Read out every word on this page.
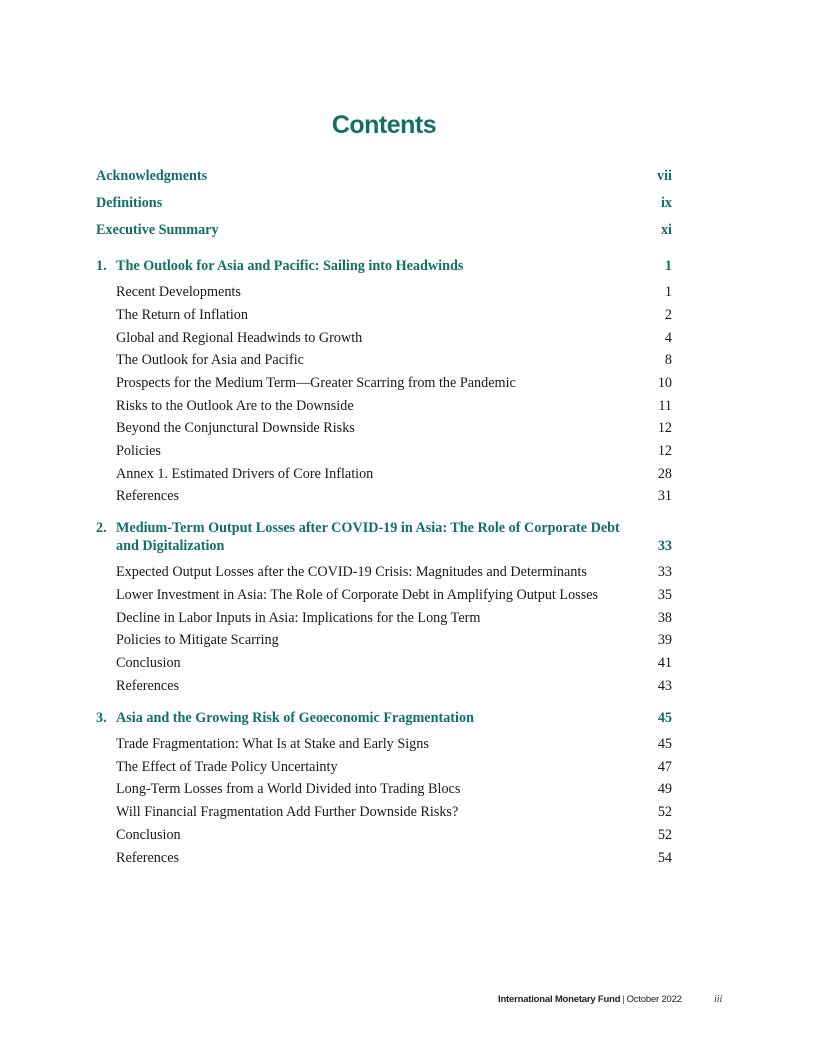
Contents
Acknowledgments	vii
Definitions	ix
Executive Summary	xi
1. The Outlook for Asia and Pacific: Sailing into Headwinds	1
Recent Developments	1
The Return of Inflation	2
Global and Regional Headwinds to Growth	4
The Outlook for Asia and Pacific	8
Prospects for the Medium Term—Greater Scarring from the Pandemic	10
Risks to the Outlook Are to the Downside	11
Beyond the Conjunctural Downside Risks	12
Policies	12
Annex 1. Estimated Drivers of Core Inflation	28
References	31
2. Medium-Term Output Losses after COVID-19 in Asia: The Role of Corporate Debt
and Digitalization	33
Expected Output Losses after the COVID-19 Crisis: Magnitudes and Determinants	33
Lower Investment in Asia: The Role of Corporate Debt in Amplifying Output Losses	35
Decline in Labor Inputs in Asia: Implications for the Long Term	38
Policies to Mitigate Scarring	39
Conclusion	41
References	43
3. Asia and the Growing Risk of Geoeconomic Fragmentation	45
Trade Fragmentation: What Is at Stake and Early Signs	45
The Effect of Trade Policy Uncertainty	47
Long-Term Losses from a World Divided into Trading Blocs	49
Will Financial Fragmentation Add Further Downside Risks?	52
Conclusion	52
References	54
International Monetary Fund | October 2022	iii
